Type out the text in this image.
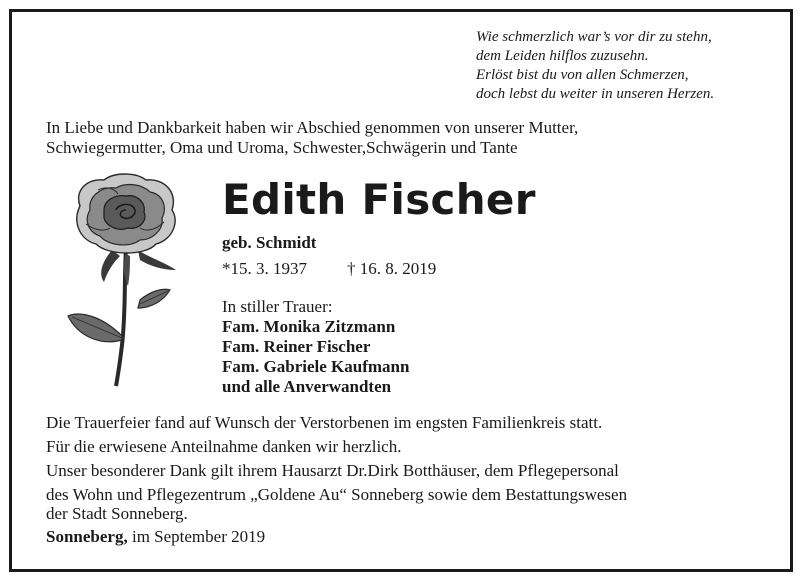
Wie schmerzlich war’s vor dir zu stehn,
dem Leiden hilflos zuzusehn.
Erlöst bist du von allen Schmerzen,
doch lebst du weiter in unseren Herzen.
In Liebe und Dankbarkeit haben wir Abschied genommen von unserer Mutter,
Schwiegermutter, Oma und Uroma, Schwester,Schwägerin und Tante
Edith Fischer
geb. Schmidt
*15. 3. 1937 † 16. 8. 2019
In stiller Trauer:
Fam. Monika Zitzmann
Fam. Reiner Fischer
Fam. Gabriele Kaufmann
und alle Anverwandten
Die Trauerfeier fand auf Wunsch der Verstorbenen im engsten Familienkreis statt.
Für die erwiesene Anteilnahme danken wir herzlich.
Unser besonderer Dank gilt ihrem Hausarzt Dr.Dirk Botthäuser, dem Pflegepersonal
des Wohn und Pflegezentrum „Goldene Au“ Sonneberg sowie dem Bestattungswesen
der Stadt Sonneberg.
Sonneberg, im September 2019
